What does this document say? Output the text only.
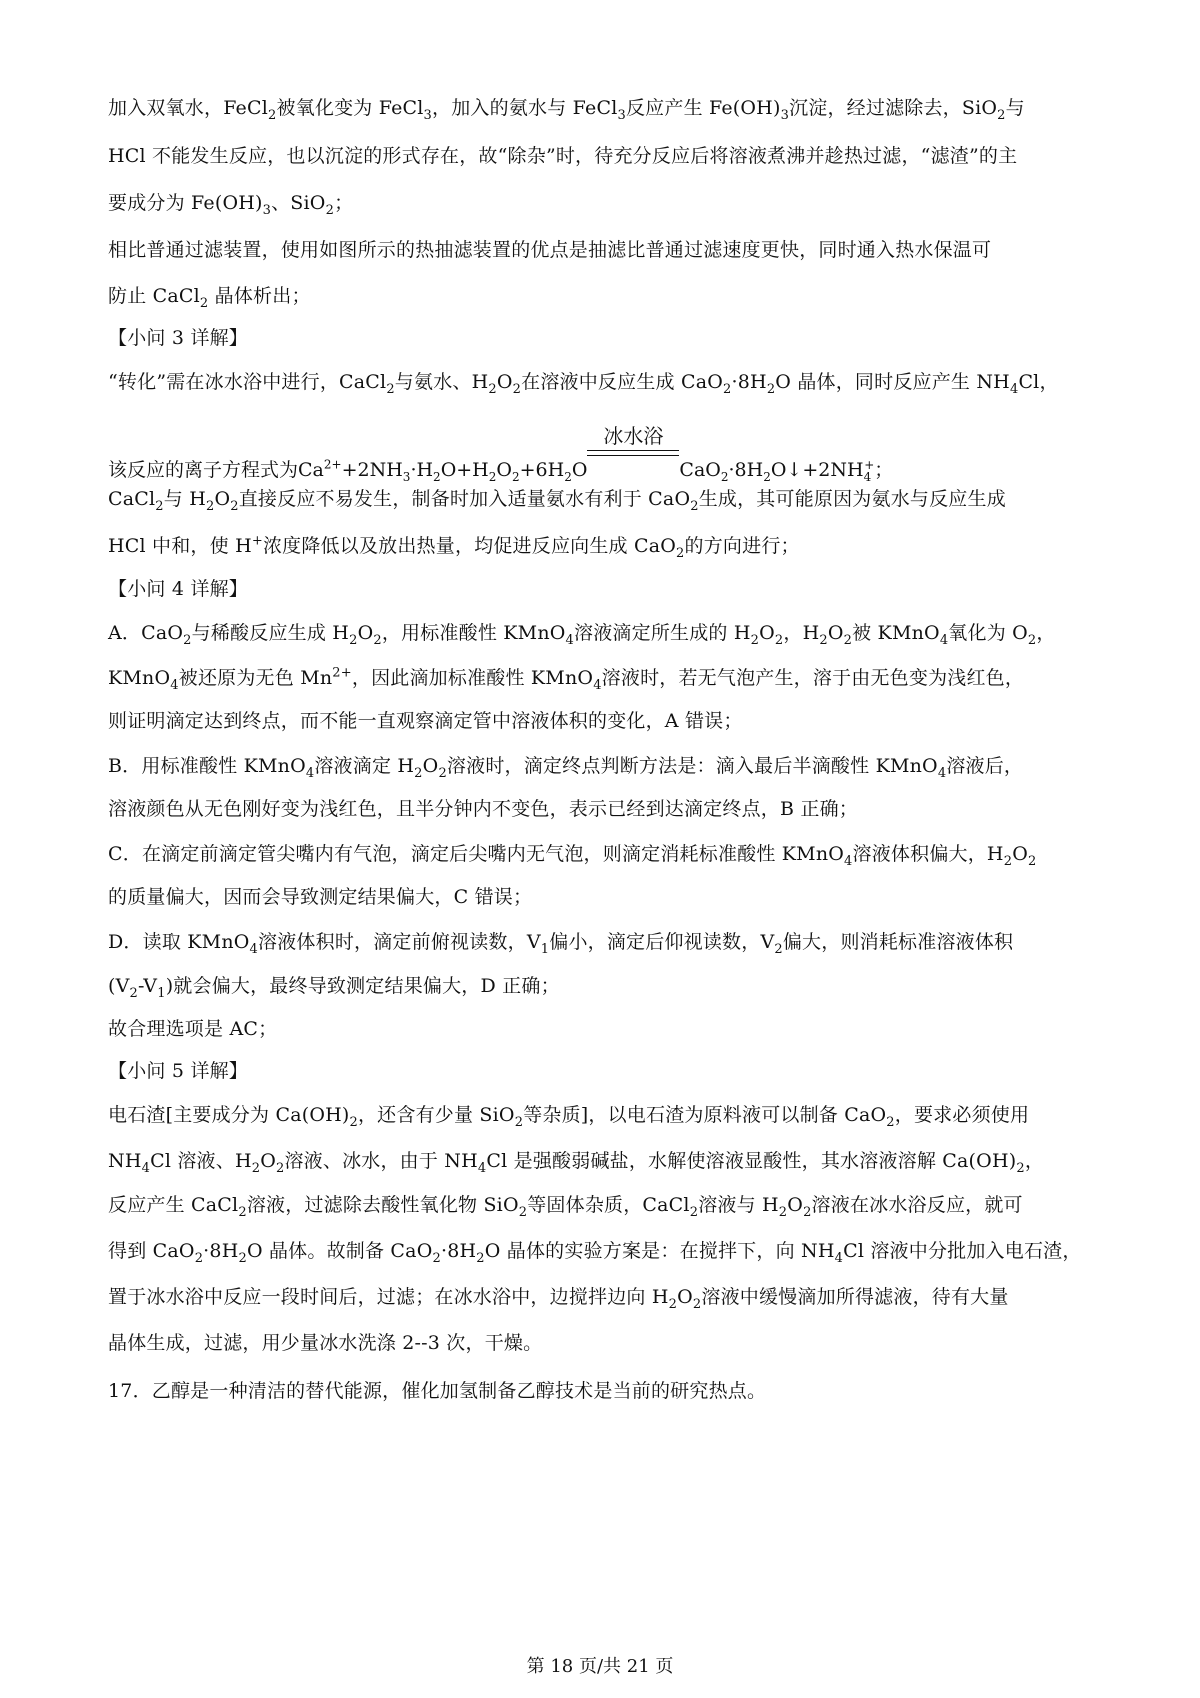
加入双氧水，FeCl$_2$被氧化变为 FeCl$_3$，加入的氨水与 FeCl$_3$反应产生 $Fe(OH)_3$沉淀，经过滤除去，SiO$_2$与
HCl 不能发生反应，也以沉淀的形式存在，故“除杂”时，待充分反应后将溶液煮沸并趁热过滤，“滤渣”的主
要成分为 $Fe(OH)_3$、SiO$_2$；
相比普通过滤装置，使用如图所示的热抽滤装置的优点是抽滤比普通过滤速度更快，同时通入热水保温可
防止 CaCl$_2$ 晶体析出；
【小问 3 详解】
“转化”需在冰水浴中进行，CaCl$_2$与氨水、$H_2O_2$在溶液中反应生成 $CaO_2\cdot 8H_2O$ 晶体，同时反应产生 $NH_4Cl$，
该反应的离子方程式为$Ca^{2+}+2NH_3\cdot H_2O+H_2O_2+6H_2O$
冰水浴
$CaO_2\cdot 8H_2O↓+2NH_4^+$；
CaCl$_2$与 $H_2O_2$直接反应不易发生，制备时加入适量氨水有利于 CaO$_2$生成，其可能原因为氨水与反应生成
HCl 中和，使 H+浓度降低以及放出热量，均促进反应向生成 CaO$_2$的方向进行；
【小问 4 详解】
A．CaO$_2$与稀酸反应生成 $H_2O_2$，用标准酸性 KMnO$_4$溶液滴定所生成的 $H_2O_2$，$H_2O_2$被 KMnO$_4$氧化为 $O_2$，
KMnO$_4$被还原为无色 $Mn^{2+}$，因此滴加标准酸性 KMnO$_4$溶液时，若无气泡产生，溶于由无色变为浅红色，
则证明滴定达到终点，而不能一直观察滴定管中溶液体积的变化，A 错误；
B．用标准酸性 KMnO$_4$溶液滴定 $H_2O_2$溶液时，滴定终点判断方法是：滴入最后半滴酸性 KMnO$_4$溶液后，
溶液颜色从无色刚好变为浅红色，且半分钟内不变色，表示已经到达滴定终点，B 正确；
C．在滴定前滴定管尖嘴内有气泡，滴定后尖嘴内无气泡，则滴定消耗标准酸性 KMnO$_4$溶液体积偏大，$H_2O_2$
的质量偏大，因而会导致测定结果偏大，C 错误；
D．读取 KMnO$_4$溶液体积时，滴定前俯视读数，$V_1$偏小，滴定后仰视读数，$V_2$偏大，则消耗标准溶液体积
$(V_2-V_1)$就会偏大，最终导致测定结果偏大，D 正确；
故合理选项是 AC；
【小问 5 详解】
电石渣[主要成分为 $Ca(OH)_2$，还含有少量 SiO$_2$等杂质]，以电石渣为原料液可以制备 CaO$_2$，要求必须使用
$NH_4Cl$ 溶液、$H_2O_2$溶液、冰水，由于 $NH_4Cl$ 是强酸弱碱盐，水解使溶液显酸性，其水溶液溶解 $Ca(OH)_2$，
反应产生 CaCl$_2$溶液，过滤除去酸性氧化物 SiO$_2$等固体杂质，CaCl$_2$溶液与 $H_2O_2$溶液在冰水浴反应，就可
得到 $CaO_2\cdot 8H_2O$ 晶体。故制备 $CaO_2\cdot 8H_2O$ 晶体的实验方案是：在搅拌下，向 $NH_4Cl$ 溶液中分批加入电石渣，
置于冰水浴中反应一段时间后，过滤；在冰水浴中，边搅拌边向 $H_2O_2$溶液中缓慢滴加所得滤液，待有大量
晶体生成，过滤，用少量冰水洗涤 2--3 次，干燥。
17．乙醇是一种清洁的替代能源，催化加氢制备乙醇技术是当前的研究热点。
第 18 页/共 21 页
